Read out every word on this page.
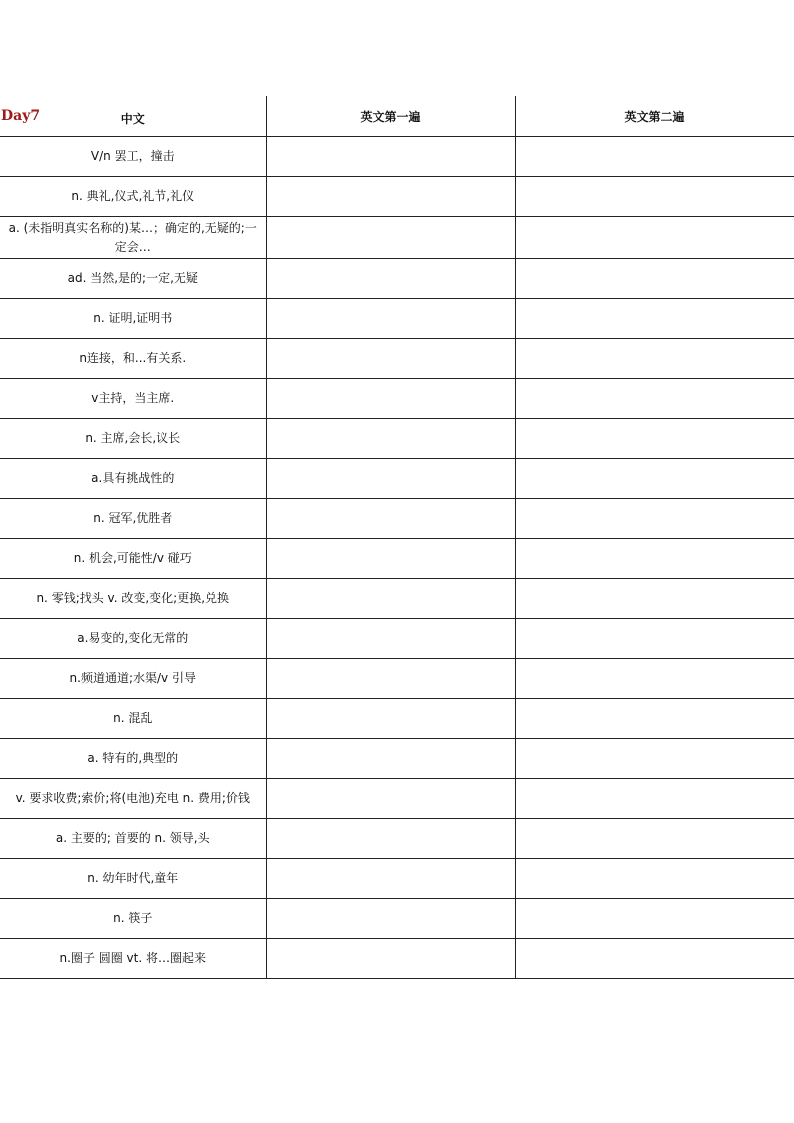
Day7 中文	英文第一遍	英文第二遍
V/n 罢工，撞击		
n. 典礼,仪式,礼节,礼仪		
a. (未指明真实名称的)某…；确定的,无疑的;一定会…		
ad. 当然,是的;一定,无疑		
n. 证明,证明书		
n连接，和...有关系.		
v主持，当主席.		
n. 主席,会长,议长		
a.具有挑战性的		
n. 冠军,优胜者		
n. 机会,可能性/v 碰巧		
n. 零钱;找头 v. 改变,变化;更换,兑换		
a.易变的,变化无常的		
n.频道通道;水渠/v 引导		
n. 混乱		
a. 特有的,典型的		
v. 要求收费;索价;将(电池)充电 n. 费用;价钱		
a. 主要的; 首要的 n. 领导,头		
n. 幼年时代,童年		
n. 筷子		
n.圈子 圆圈 vt. 将…圈起来		
